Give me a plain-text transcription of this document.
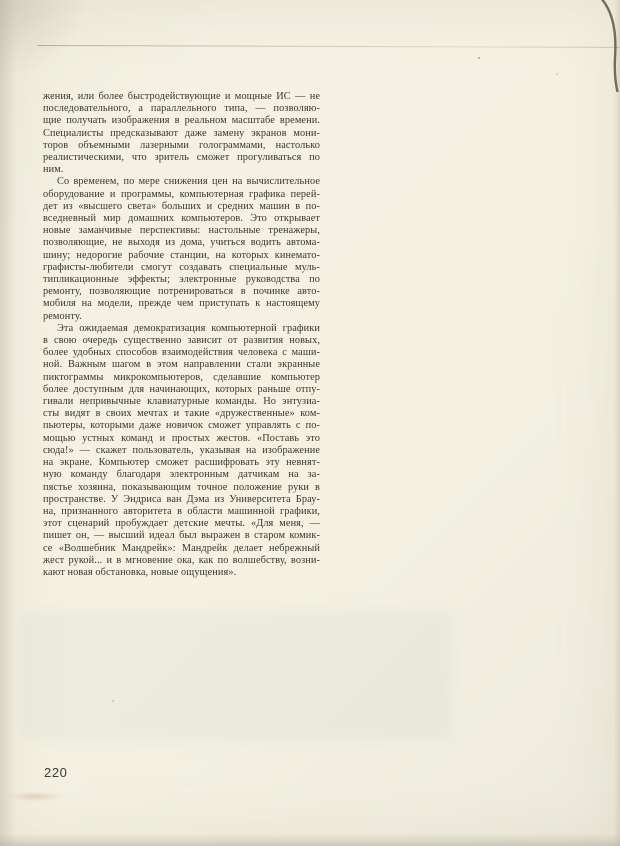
жения, или более быстродействующие и мощные ИС — не
последовательного, а параллельного типа, — позволяю-
щие получать изображения в реальном масштабе времени.
Специалисты предсказывают даже замену экранов мони-
торов объемными лазерными голограммами, настолько
реалистическими, что зритель сможет прогуливаться по
ним.
Со временем, по мере снижения цен на вычислительное
оборудование и программы, компьютерная графика перей-
дет из «высшего света» больших и средних машин в по-
вседневный мир домашних компьютеров. Это открывает
новые заманчивые перспективы: настольные тренажеры,
позволяющие, не выходя из дома, учиться водить автома-
шину; недорогие рабочие станции, на которых кинемато-
графисты-любители смогут создавать специальные муль-
типликационные эффекты; электронные руководства по
ремонту, позволяющие потренироваться в починке авто-
мобиля на модели, прежде чем приступать к настоящему
ремонту.
Эта ожидаемая демократизация компьютерной графики
в свою очередь существенно зависит от развития новых,
более удобных способов взаимодействия человека с маши-
ной. Важным шагом в этом направлении стали экранные
пиктограммы микрокомпьютеров, сделавшие компьютер
более доступным для начинающих, которых раньше отпу-
гивали непривычные клавиатурные команды. Но энтузиа-
сты видят в своих мечтах и такие «дружественные» ком-
пьютеры, которыми даже новичок сможет управлять с по-
мощью устных команд и простых жестов. «Поставь это
сюда!» — скажет пользователь, указывая на изображение
на экране. Компьютер сможет расшифровать эту невнят-
ную команду благодаря электронным датчикам на за-
пястье хозяина, показывающим точное положение руки в
пространстве. У Эндриса ван Дэма из Университета Брау-
на, признанного авторитета в области машинной графики,
этот сценарий пробуждает детские мечты. «Для меня, —
пишет он, — высший идеал был выражен в старом комик-
се «Волшебник Мандрейк»: Мандрейк делает небрежный
жест рукой... и в мгновение ока, как по волшебству, возни-
кают новая обстановка, новые ощущения».
220
